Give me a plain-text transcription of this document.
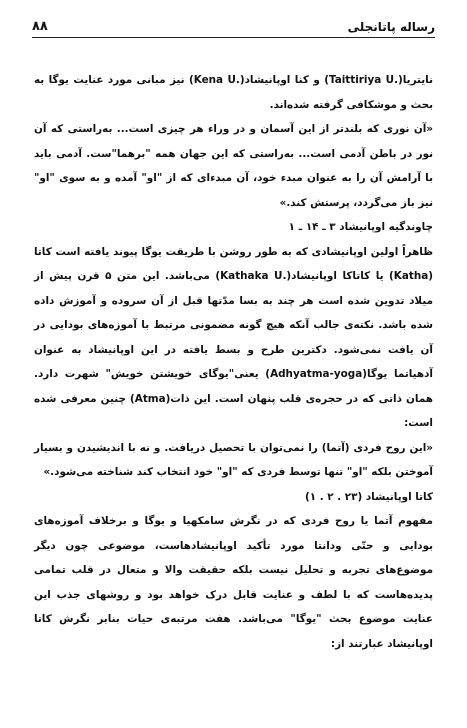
۸۸	رساله پاتانجلی

نایتریا(.Taittiriya U) و کنا اوپانیشاد(.Kena U) نیز مبانی مورد عنایت یوگا به بحث و موشکافی گرفته شده‌اند.

«آن نوری که بلندتر از این آسمان و در وراء هر چیزی است... به‌راستی که آن نور در باطن آدمی است... به‌راستی که این جهان همه "برهما"ست. آدمی باید با آرامش آن را به عنوان مبدء خود، آن مبدءای که از "او" آمده و به سوی "او" نیز باز می‌گردد، پرستش کند.»

چاوندگیه اوپانیشاد ۳ ـ ۱۴ ـ ۱

ظاهراً اولین اوپانیشادی که به طور روشن با طریقت یوگا پیوند یافته است کاتا (Katha) یا کاتاکا اوپانیشاد(.Kathaka U) می‌باشد. این متن ۵ قرن پیش از میلاد تدوین شده است هر چند به بسا مدّتها قبل از آن سروده و آموزش داده شده باشد. نکته‌ی جالب آنکه هیچ گونه مضمونی مرتبط با آموزه‌های بودایی در آن یافت نمی‌شود. دکترین طرح و بسط یافته در این اوپانیشاد به عنوان آدهیاتما یوگا(Adhyatma-yoga) یعنی"یوگای خویشتن خویش" شهرت دارد. همان ذاتی که در حجره‌ی قلب پنهان است. این ذات(Atma) چنین معرفی شده است:

«این روح فردی (آتما) را نمی‌توان با تحصیل دریافت. و نه با اندیشیدن و بسیار آموختن بلکه "او" تنها توسط فردی که "او" خود انتخاب کند شناخته می‌شود.»

کاتا اوپانیشاد (۲۳ . ۲ . ۱)

مفهوم آتما یا روح فردی که در نگرش سامکهیا و یوگا و برخلاف آموزه‌های بودایی و حتّی ودانتا مورد تأکید اوپانیشادهاست، موضوعی چون دیگر موضوع‌های تجربه و تحلیل نیست بلکه حقیقت والا و متعال در قلب تمامی پدیده‌هاست که با لطف و عنایت قابل درک خواهد بود و روشهای جذب این عنایت موضوع بحث "یوگا" می‌باشد. هفت مرتبه‌ی حیات بنابر نگرش کاتا اوپانیشاد عبارتند از:
